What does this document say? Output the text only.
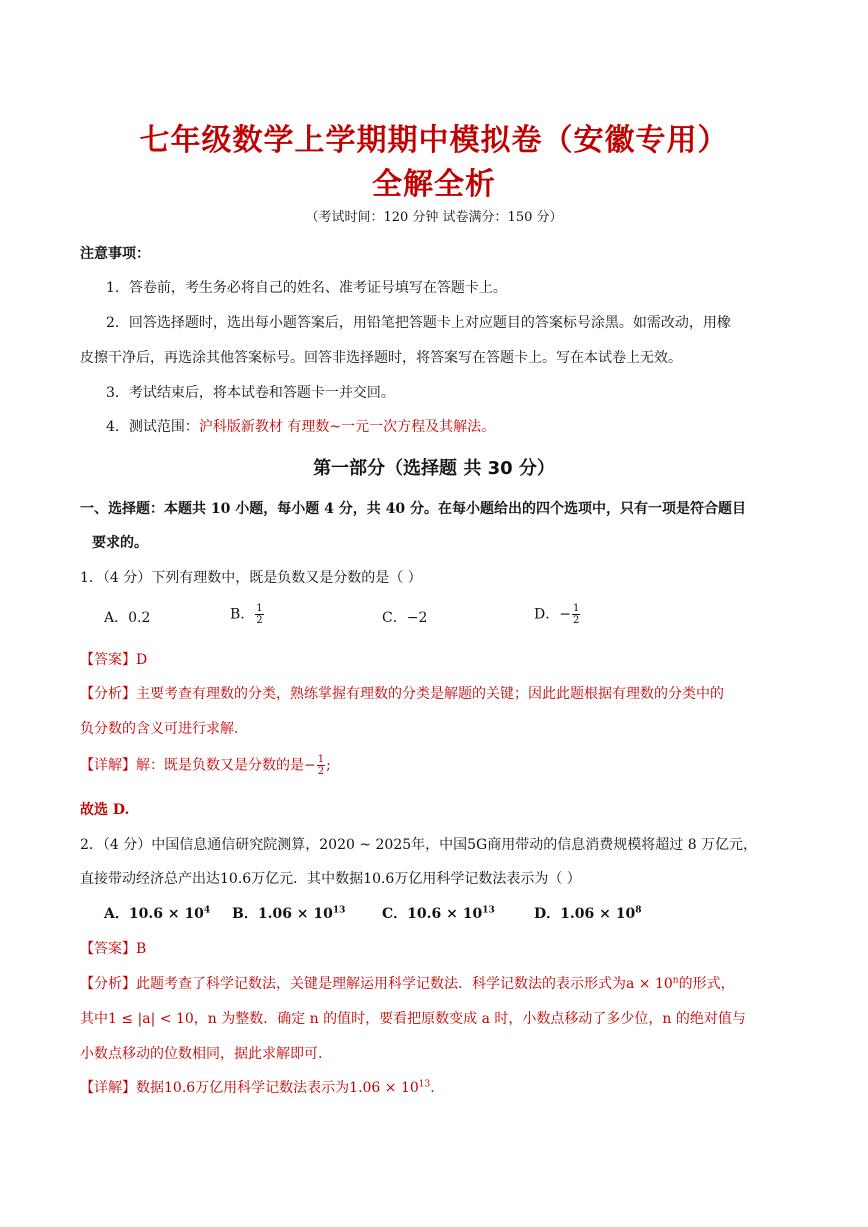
七年级数学上学期期中模拟卷（安徽专用）
全解全析
（考试时间：120 分钟 试卷满分：150 分）
注意事项：
1．答卷前，考生务必将自己的姓名、准考证号填写在答题卡上。
2．回答选择题时，选出每小题答案后，用铅笔把答题卡上对应题目的答案标号涂黑。如需改动，用橡
皮擦干净后，再选涂其他答案标号。回答非选择题时，将答案写在答题卡上。写在本试卷上无效。
3．考试结束后，将本试卷和答题卡一并交回。
4．测试范围：沪科版新教材 有理数~一元一次方程及其解法。
第一部分（选择题 共 30 分）
一、选择题：本题共 10 小题，每小题 4 分，共 40 分。在每小题给出的四个选项中，只有一项是符合题目
要求的。
1．（4 分）下列有理数中，既是负数又是分数的是（ ）
A．0.2	B． $\frac{1}{2}$	C．−2	D．− $\frac{1}{2}$
【答案】D
【分析】主要考查有理数的分类，熟练掌握有理数的分类是解题的关键；因此此题根据有理数的分类中的
负分数的含义可进行求解.
【详解】解：既是负数又是分数的是− $\frac{1}{2}$ ;
故选 D.
2．（4 分）中国信息通信研究院测算，2020 ~ 2025年，中国5G商用带动的信息消费规模将超过 8 万亿元，
直接带动经济总产出达10.6万亿元．其中数据10.6万亿用科学记数法表示为（ ）
A．$10.6 \times 10^4$ B．$1.06 \times 10^{13}$	C．$10.6 \times 10^{13}$	D．$1.06 \times 10^8$
【答案】B
【分析】此题考查了科学记数法，关键是理解运用科学记数法．科学记数法的表示形式为$a \times 10^n$的形式，
其中1 ≤ |a| < 10，n 为整数．确定 n 的值时，要看把原数变成 a 时，小数点移动了多少位，n 的绝对值与
小数点移动的位数相同，据此求解即可.
【详解】数据10.6万亿用科学记数法表示为$1.06 \times 10^{13}$.
